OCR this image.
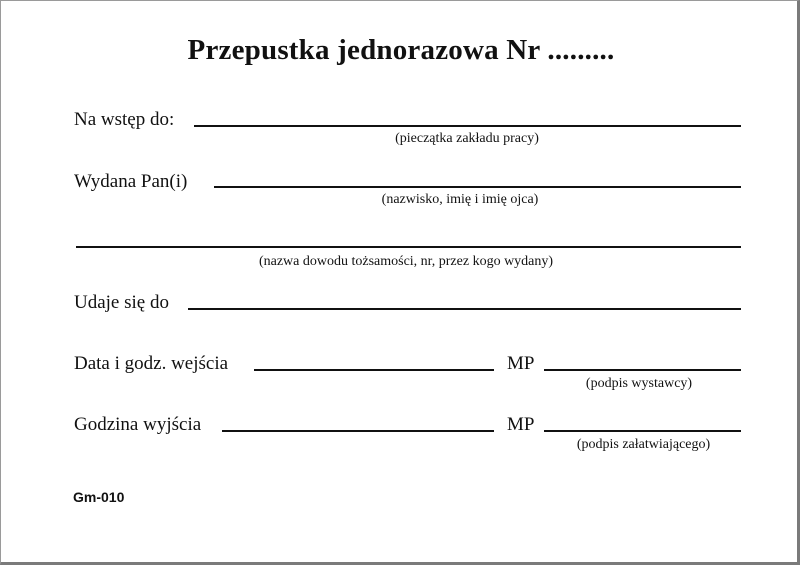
Przepustka jednorazowa Nr .........
Na wstęp do:
(pieczątka zakładu pracy)
Wydana Pan(i)
(nazwisko, imię i imię ojca)
(nazwa dowodu tożsamości, nr, przez kogo wydany)
Udaje się do
Data i godz. wejścia	MP
(podpis wystawcy)
Godzina wyjścia	MP
(podpis załatwiającego)
Gm-010
